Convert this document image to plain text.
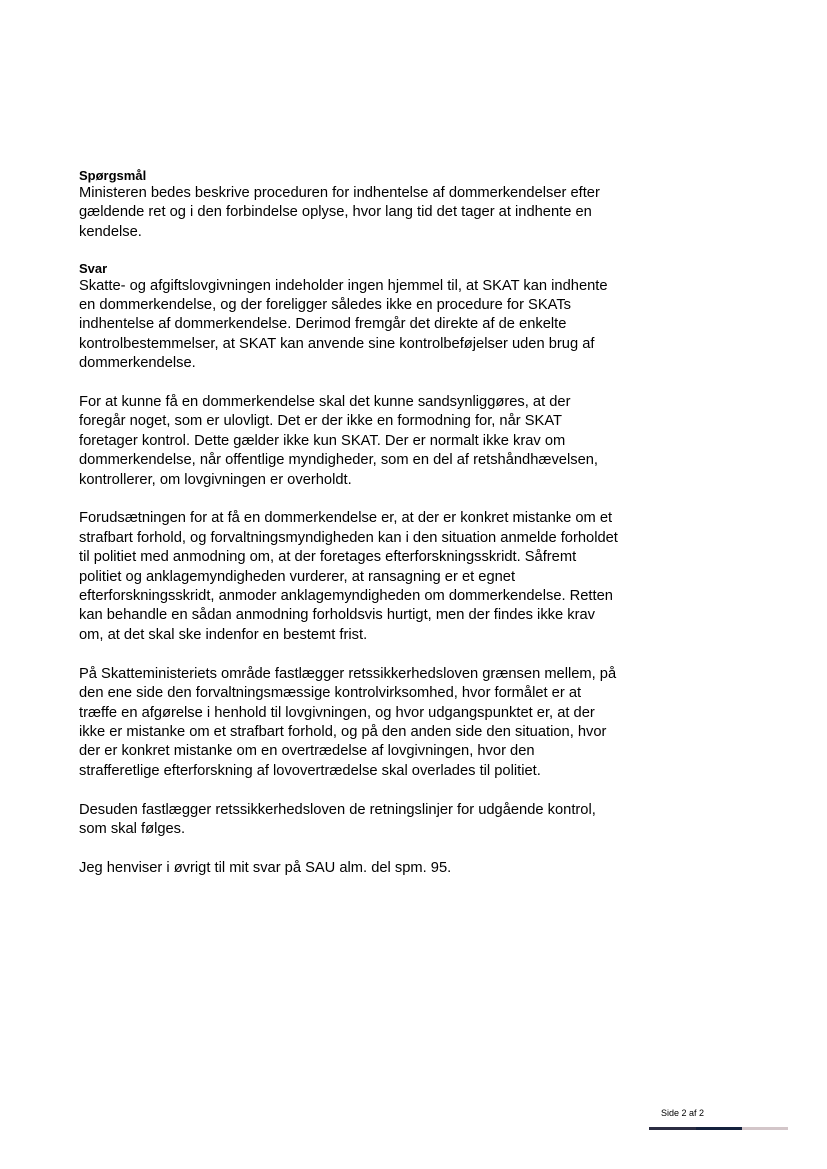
Spørgsmål

Ministeren bedes beskrive proceduren for indhentelse af dommerkendelser efter gældende ret og i den forbindelse oplyse, hvor lang tid det tager at indhente en kendelse.

Svar

Skatte- og afgiftslovgivningen indeholder ingen hjemmel til, at SKAT kan indhente en dommerkendelse, og der foreligger således ikke en procedure for SKATs indhentelse af dommerkendelse. Derimod fremgår det direkte af de enkelte kontrolbestemmelser, at SKAT kan anvende sine kontrolbeføjelser uden brug af dommerkendelse.

For at kunne få en dommerkendelse skal det kunne sandsynliggøres, at der foregår noget, som er ulovligt. Det er der ikke en formodning for, når SKAT foretager kontrol. Dette gælder ikke kun SKAT. Der er normalt ikke krav om dommerkendelse, når offentlige myndigheder, som en del af retshåndhævelsen, kontrollerer, om lovgivningen er overholdt.

Forudsætningen for at få en dommerkendelse er, at der er konkret mistanke om et strafbart forhold, og forvaltningsmyndigheden kan i den situation anmelde forholdet til politiet med anmodning om, at der foretages efterforskningsskridt. Såfremt politiet og anklagemyndigheden vurderer, at ransagning er et egnet efterforskningsskridt, anmoder anklagemyndigheden om dommerkendelse. Retten kan behandle en sådan anmodning forholdsvis hurtigt, men der findes ikke krav om, at det skal ske indenfor en bestemt frist.

På Skatteministeriets område fastlægger retssikkerhedsloven grænsen mellem, på den ene side den forvaltningsmæssige kontrolvirksomhed, hvor formålet er at træffe en afgørelse i henhold til lovgivningen, og hvor udgangspunktet er, at der ikke er mistanke om et strafbart forhold, og på den anden side den situation, hvor der er konkret mistanke om en overtrædelse af lovgivningen, hvor den strafferetlige efterforskning af lovovertrædelse skal overlades til politiet.

Desuden fastlægger retssikkerhedsloven de retningslinjer for udgående kontrol, som skal følges.

Jeg henviser i øvrigt til mit svar på SAU alm. del spm. 95.

Side 2 af 2
